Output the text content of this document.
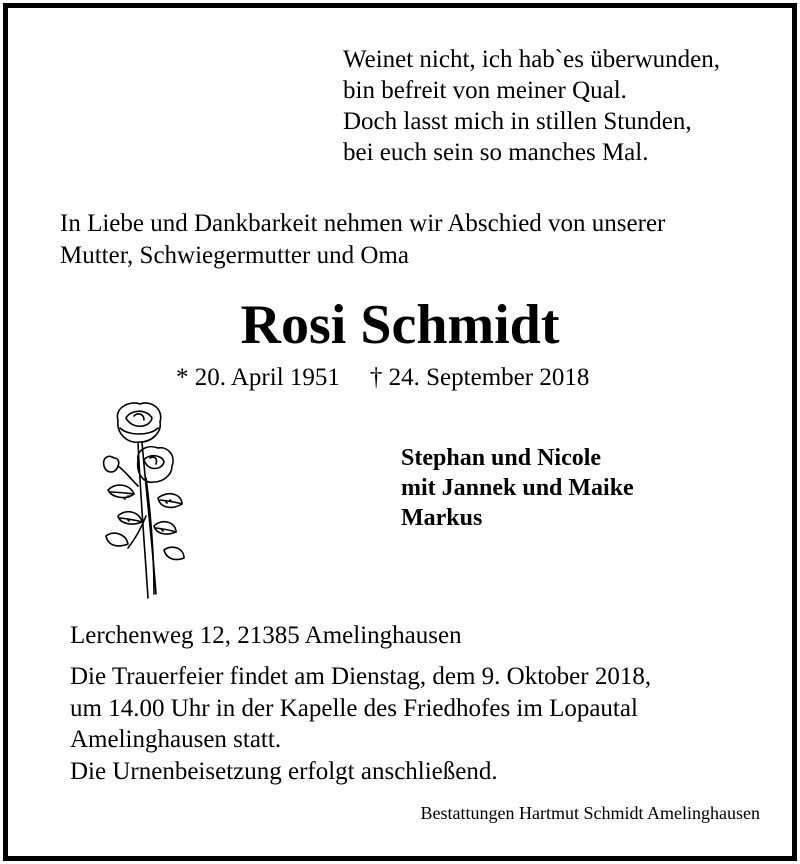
Weinet nicht, ich hab`es überwunden,
bin befreit von meiner Qual.
Doch lasst mich in stillen Stunden,
bei euch sein so manches Mal.
In Liebe und Dankbarkeit nehmen wir Abschied von unserer
Mutter, Schwiegermutter und Oma
Rosi Schmidt
* 20. April 1951 † 24. September 2018
Stephan und Nicole
mit Jannek und Maike
Markus
Lerchenweg 12, 21385 Amelinghausen
Die Trauerfeier findet am Dienstag, dem 9. Oktober 2018,
um 14.00 Uhr in der Kapelle des Friedhofes im Lopautal
Amelinghausen statt.
Die Urnenbeisetzung erfolgt anschließend.
Bestattungen Hartmut Schmidt Amelinghausen
